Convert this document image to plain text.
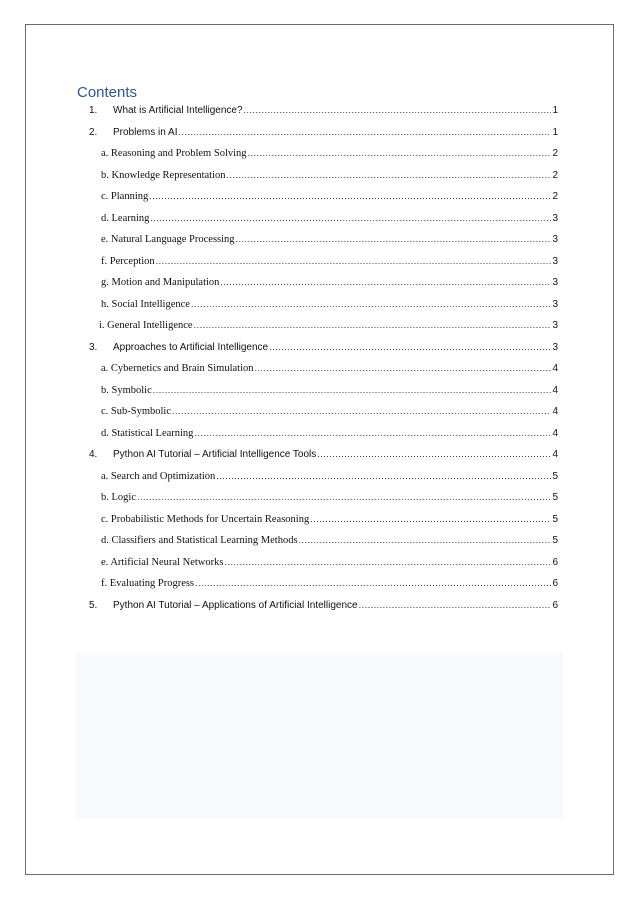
Contents
1.	What is Artificial Intelligence? .....	1
2.	Problems in AI .....	1
a. Reasoning and Problem Solving .....	2
b. Knowledge Representation .....	2
c. Planning .....	2
d. Learning .....	3
e. Natural Language Processing .....	3
f. Perception .....	3
g. Motion and Manipulation .....	3
h. Social Intelligence .....	3
i. General Intelligence .....	3
3.	Approaches to Artificial Intelligence .....	3
a. Cybernetics and Brain Simulation .....	4
b. Symbolic .....	4
c. Sub-Symbolic .....	4
d. Statistical Learning .....	4
4.	Python AI Tutorial – Artificial Intelligence Tools .....	4
a. Search and Optimization .....	5
b. Logic .....	5
c. Probabilistic Methods for Uncertain Reasoning .....	5
d. Classifiers and Statistical Learning Methods .....	5
e. Artificial Neural Networks .....	6
f. Evaluating Progress .....	6
5.	Python AI Tutorial – Applications of Artificial Intelligence .....	6
